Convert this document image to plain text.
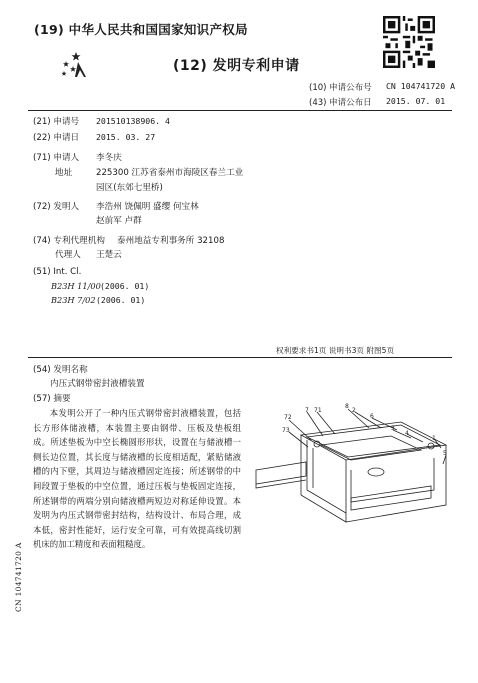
(19) 中华人民共和国国家知识产权局
(12) 发明专利申请
(10) 申请公布号 CN 104741720 A
(43) 申请公布日 2015. 07. 01
(21) 申请号 201510138906. 4
(22) 申请日 2015. 03. 27
(71) 申请人 李冬庆
地址	225300 江苏省泰州市海陵区春兰工业
园区(东郊七里桥)
(72) 发明人 李浩州 饶佩明 盛缨 何宝林
赵前军 卢群
(74) 专利代理机构 泰州地益专利事务所 32108
代理人 王楚云
(51) Int. Cl.
B23H 11/00 (2006. 01)
B23H 7/02 (2006. 01)
权利要求书1页 说明书3页 附图5页
(54) 发明名称
内压式钢带密封液槽装置
(57) 摘要

本发明公开了一种内压式钢带密封液槽装置，包括长方形体储液槽，本装置主要由钢带、压板及垫板组成。所述垫板为中空长椭圆形形状，设置在与储液槽一侧长边位置，其长度与储液槽的长度相适配，紧贴储液槽的内下壁，其周边与储液槽固定连接；所述钢带的中间段置于垫板的中空位置，通过压板与垫板固定连接，所述钢带的两端分别向储液槽两短边对称延伸设置。本发明为内压式钢带密封结构，结构设计、布局合理，成本低，密封性能好，运行安全可靠，可有效提高线切割机床的加工精度和表面粗糙度。

72
7 71
8
2
6
3
4
1
5
73
CN 104741720 A
